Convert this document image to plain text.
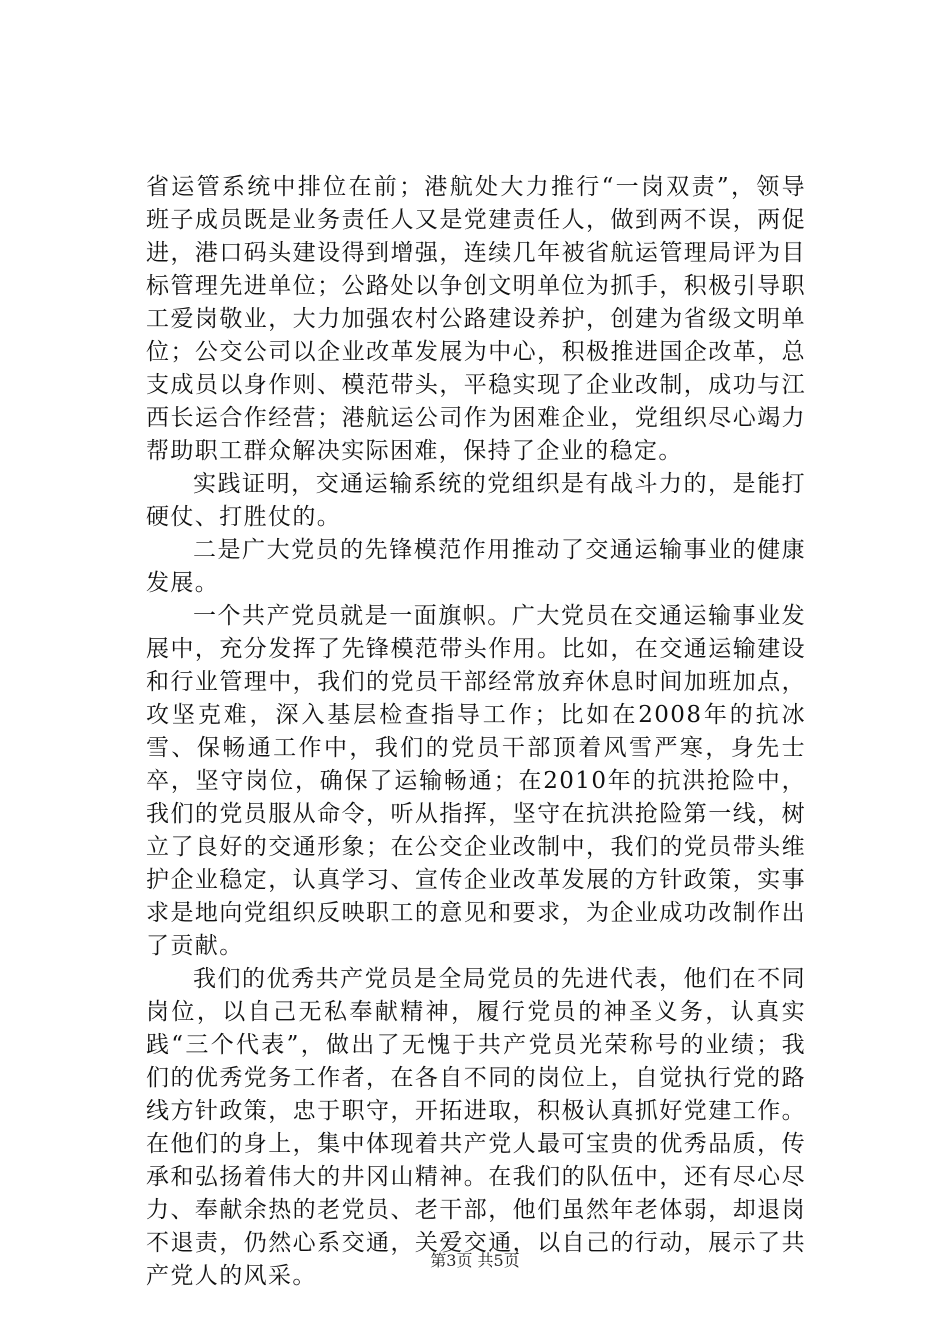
省运管系统中排位在前；港航处大力推行“一岗双责”，领导班子成员既是业务责任人又是党建责任人，做到两不误，两促进，港口码头建设得到增强，连续几年被省航运管理局评为目标管理先进单位；公路处以争创文明单位为抓手，积极引导职工爱岗敬业，大力加强农村公路建设养护，创建为省级文明单位；公交公司以企业改革发展为中心，积极推进国企改革，总支成员以身作则、模范带头，平稳实现了企业改制，成功与江西长运合作经营；港航运公司作为困难企业，党组织尽心竭力帮助职工群众解决实际困难，保持了企业的稳定。

实践证明，交通运输系统的党组织是有战斗力的，是能打硬仗、打胜仗的。

二是广大党员的先锋模范作用推动了交通运输事业的健康发展。

一个共产党员就是一面旗帜。广大党员在交通运输事业发展中，充分发挥了先锋模范带头作用。比如，在交通运输建设和行业管理中，我们的党员干部经常放弃休息时间加班加点，攻坚克难，深入基层检查指导工作；比如在2008年的抗冰雪、保畅通工作中，我们的党员干部顶着风雪严寒，身先士卒，坚守岗位，确保了运输畅通；在2010年的抗洪抢险中，我们的党员服从命令，听从指挥，坚守在抗洪抢险第一线，树立了良好的交通形象；在公交企业改制中，我们的党员带头维护企业稳定，认真学习、宣传企业改革发展的方针政策，实事求是地向党组织反映职工的意见和要求，为企业成功改制作出了贡献。

我们的优秀共产党员是全局党员的先进代表，他们在不同岗位，以自己无私奉献精神，履行党员的神圣义务，认真实践“三个代表”，做出了无愧于共产党员光荣称号的业绩；我们的优秀党务工作者，在各自不同的岗位上，自觉执行党的路线方针政策，忠于职守，开拓进取，积极认真抓好党建工作。在他们的身上，集中体现着共产党人最可宝贵的优秀品质，传承和弘扬着伟大的井冈山精神。在我们的队伍中，还有尽心尽力、奉献余热的老党员、老干部，他们虽然年老体弱，却退岗不退责，仍然心系交通，关爱交通，以自己的行动，展示了共产党人的风采。

第3页 共5页
